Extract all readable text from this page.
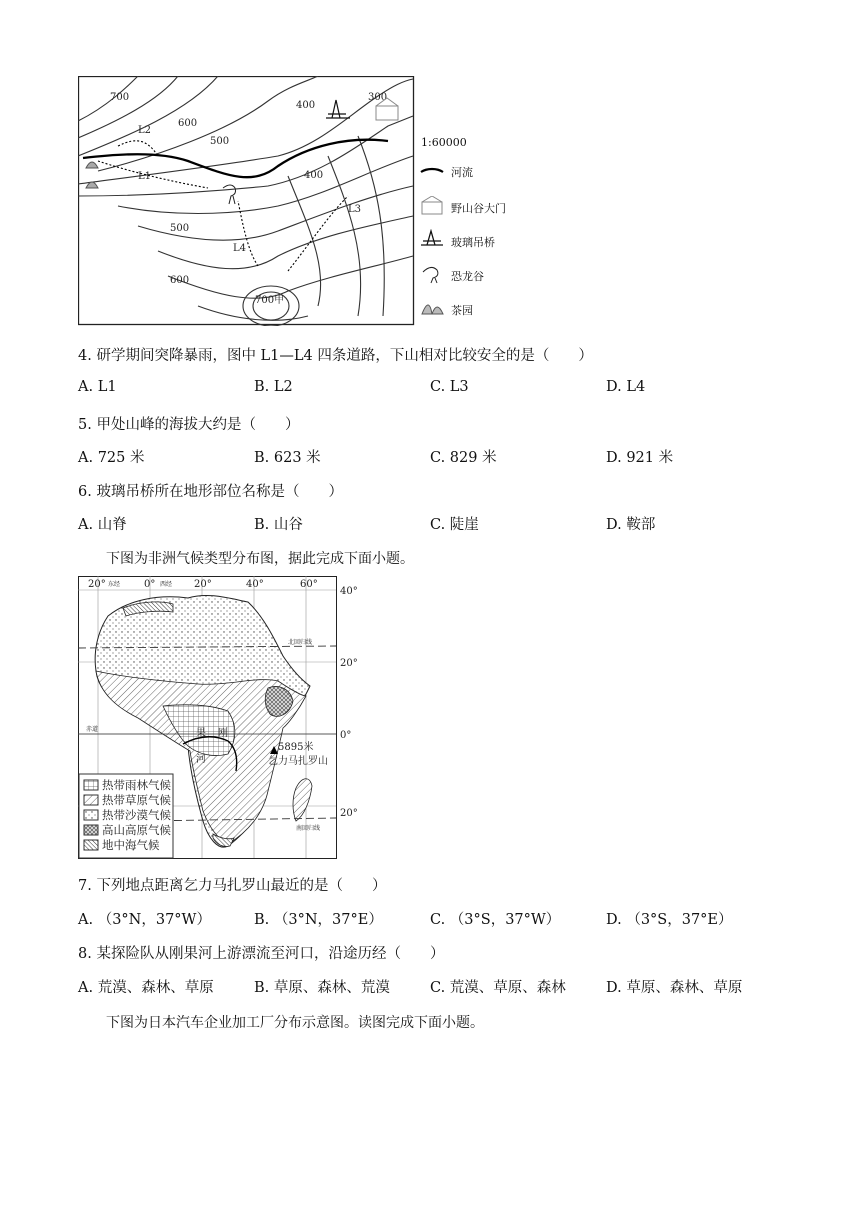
700
600
500
400
300
400
500
600
700甲
L2
L1
L3
L4
1:60000
河流
野山谷大门
玻璃吊桥
恐龙谷
茶园
4. 研学期间突降暴雨，图中 L1—L4 四条道路，下山相对比较安全的是（　　）
A. L1	B. L2	C. L3	D. L4
5. 甲处山峰的海拔大约是（　　）
A. 725 米	B. 623 米	C. 829 米	D. 921 米
6. 玻璃吊桥所在地形部位名称是（　　）
A. 山脊	B. 山谷	C. 陡崖	D. 鞍部
下图为非洲气候类型分布图，据此完成下面小题。
20°	0°	20°	40°	60°
东经	西经
40°
20°
0°
20°
北回归线
赤道
南回归线
果 刚
河
5895米
乞力马扎罗山
热带雨林气候
热带草原气候
热带沙漠气候
高山高原气候
地中海气候
7. 下列地点距离乞力马扎罗山最近的是（　　）
A. （3°N，37°W）	B. （3°N，37°E）	C. （3°S，37°W）	D. （3°S，37°E）
8. 某探险队从刚果河上游漂流至河口，沿途历经（　　）
A. 荒漠、森林、草原	B. 草原、森林、荒漠	C. 荒漠、草原、森林	D. 草原、森林、草原
下图为日本汽车企业加工厂分布示意图。读图完成下面小题。
